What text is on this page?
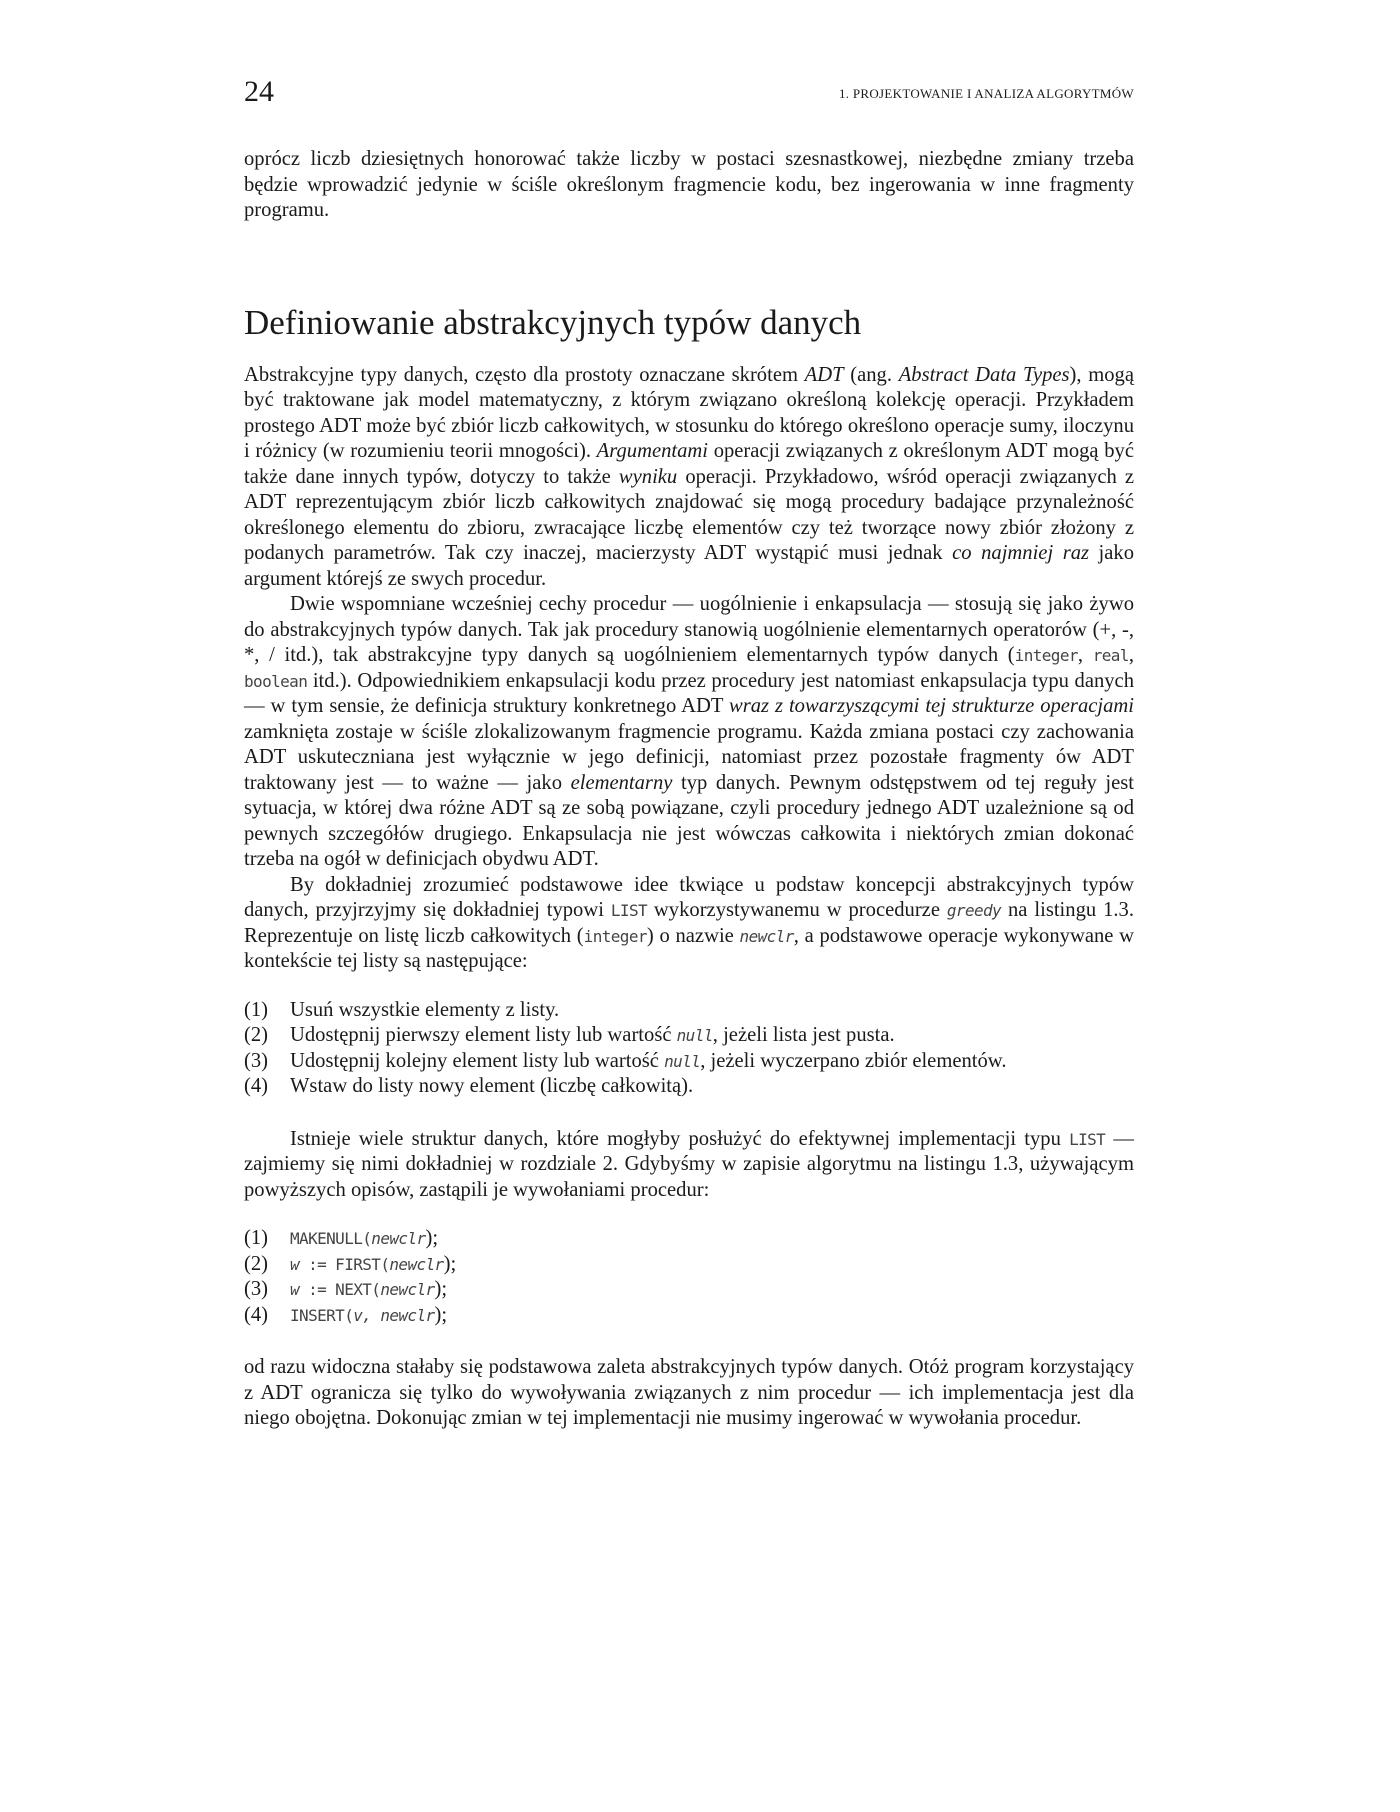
24	1. PROJEKTOWANIE I ANALIZA ALGORYTMÓW

oprócz liczb dziesiętnych honorować także liczby w postaci szesnastkowej, niezbędne zmiany trzeba będzie wprowadzić jedynie w ściśle określonym fragmencie kodu, bez ingerowania w inne fragmenty programu.

Definiowanie abstrakcyjnych typów danych

Abstrakcyjne typy danych, często dla prostoty oznaczane skrótem ADT (ang. Abstract Data Types), mogą być traktowane jak model matematyczny, z którym związano określoną kolekcję operacji. Przykładem prostego ADT może być zbiór liczb całkowitych, w stosunku do którego określono operacje sumy, iloczynu i różnicy (w rozumieniu teorii mnogości). Argumentami operacji związanych z określonym ADT mogą być także dane innych typów, dotyczy to także wyniku operacji. Przykładowo, wśród operacji związanych z ADT reprezentującym zbiór liczb całkowitych znajdować się mogą procedury badające przynależność określonego elementu do zbioru, zwracające liczbę elementów czy też tworzące nowy zbiór złożony z podanych parametrów. Tak czy inaczej, macierzysty ADT wystąpić musi jednak co najmniej raz jako argument którejś ze swych procedur.

Dwie wspomniane wcześniej cechy procedur — uogólnienie i enkapsulacja — stosują się jako żywo do abstrakcyjnych typów danych. Tak jak procedury stanowią uogólnienie elementarnych operatorów (+, -, *, / itd.), tak abstrakcyjne typy danych są uogólnieniem elementarnych typów danych (integer, real, boolean itd.). Odpowiednikiem enkapsulacji kodu przez procedury jest natomiast enkapsulacja typu danych — w tym sensie, że definicja struktury konkretnego ADT wraz z towarzyszącymi tej strukturze operacjami zamknięta zostaje w ściśle zlokalizowanym fragmencie programu. Każda zmiana postaci czy zachowania ADT uskuteczniana jest wyłącznie w jego definicji, natomiast przez pozostałe fragmenty ów ADT traktowany jest — to ważne — jako elementarny typ danych. Pewnym odstępstwem od tej reguły jest sytuacja, w której dwa różne ADT są ze sobą powiązane, czyli procedury jednego ADT uzależnione są od pewnych szczegółów drugiego. Enkapsulacja nie jest wówczas całkowita i niektórych zmian dokonać trzeba na ogół w definicjach obydwu ADT.

By dokładniej zrozumieć podstawowe idee tkwiące u podstaw koncepcji abstrakcyjnych typów danych, przyjrzyjmy się dokładniej typowi LIST wykorzystywanemu w procedurze greedy na listingu 1.3. Reprezentuje on listę liczb całkowitych (integer) o nazwie newclr, a podstawowe operacje wykonywane w kontekście tej listy są następujące:

(1)	Usuń wszystkie elementy z listy.
(2)	Udostępnij pierwszy element listy lub wartość null, jeżeli lista jest pusta.
(3)	Udostępnij kolejny element listy lub wartość null, jeżeli wyczerpano zbiór elementów.
(4)	Wstaw do listy nowy element (liczbę całkowitą).

Istnieje wiele struktur danych, które mogłyby posłużyć do efektywnej implementacji typu LIST — zajmiemy się nimi dokładniej w rozdziale 2. Gdybyśmy w zapisie algorytmu na listingu 1.3, używającym powyższych opisów, zastąpili je wywołaniami procedur:

(1)	MAKENULL(newclr);
(2)	w := FIRST(newclr);
(3)	w := NEXT(newclr);
(4)	INSERT(v, newclr);

od razu widoczna stałaby się podstawowa zaleta abstrakcyjnych typów danych. Otóż program korzystający z ADT ogranicza się tylko do wywoływania związanych z nim procedur — ich implementacja jest dla niego obojętna. Dokonując zmian w tej implementacji nie musimy ingerować w wywołania procedur.
